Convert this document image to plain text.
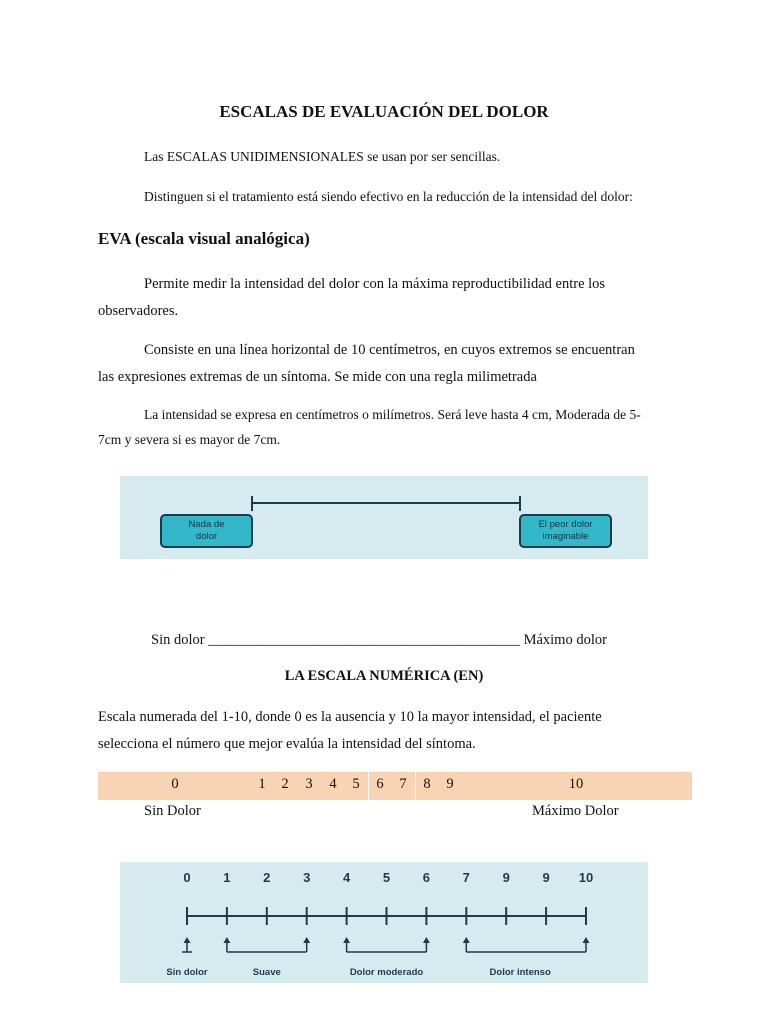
ESCALAS DE EVALUACIÓN DEL DOLOR
Las ESCALAS UNIDIMENSIONALES se usan por ser sencillas.
Distinguen si el tratamiento está siendo efectivo en la reducción de la intensidad del dolor:
EVA (escala visual analógica)
Permite medir la intensidad del dolor con la máxima reproductibilidad entre los
observadores.
Consiste en una línea horizontal de 10 centímetros, en cuyos extremos se encuentran
las expresiones extremas de un síntoma. Se mide con una regla milimetrada
La intensidad se expresa en centímetros o milímetros. Será leve hasta 4 cm, Moderada de 5-
7cm y severa si es mayor de 7cm.
Nada de
dolor
El peor dolor
imaginable
Sin dolor ___________________________________________ Máximo dolor
LA ESCALA NUMÉRICA (EN)
Escala numerada del 1-10, donde 0 es la ausencia y 10 la mayor intensidad, el paciente
selecciona el número que mejor evalúa la intensidad del síntoma.
0	1	2	3	4	5	6	7	8	9	10
Sin Dolor	Máximo Dolor
0	1	2	3	4	5	6	7	9	9 10
Sin dolor	Suave	Dolor moderado	Dolor intenso
